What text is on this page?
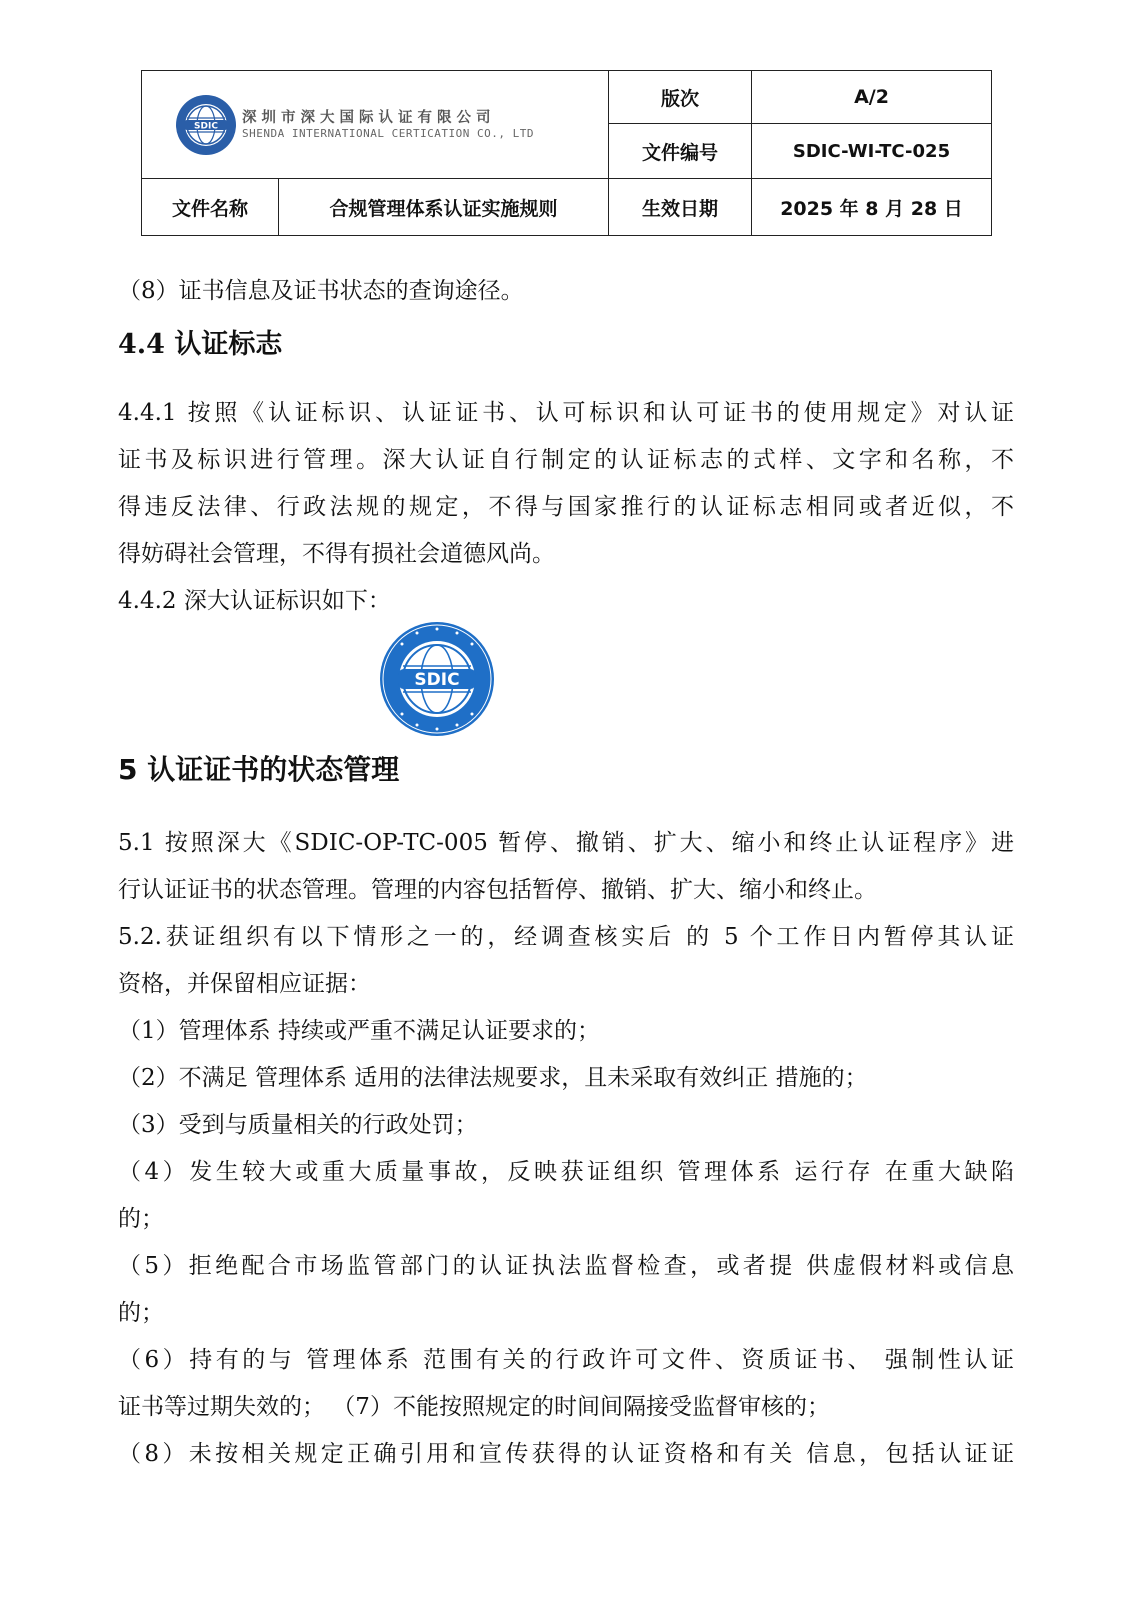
SDIC
深圳市深大国际认证有限公司
SHENDA INTERNATIONAL CERTICATION CO., LTD		版次	A/2
		文件编号	SDIC-WI-TC-025
文件名称	合规管理体系认证实施规则	生效日期	2025 年 8 月 28 日

（8）证书信息及证书状态的查询途径。

4.4 认证标志

4.4.1 按照《认证标识、认证证书、认可标识和认可证书的使用规定》对认证

证书及标识进行管理。深大认证自行制定的认证标志的式样、文字和名称，不

得违反法律、行政法规的规定，不得与国家推行的认证标志相同或者近似，不

得妨碍社会管理，不得有损社会道德风尚。

4.4.2 深大认证标识如下：

SDIC
5 认证证书的状态管理

5.1 按照深大《SDIC-OP-TC-005 暂停、撤销、扩大、缩小和终止认证程序》进

行认证证书的状态管理。管理的内容包括暂停、撤销、扩大、缩小和终止。

5.2.获证组织有以下情形之一的，经调查核实后 的 5 个工作日内暂停其认证

资格，并保留相应证据：

（1）管理体系 持续或严重不满足认证要求的；

（2）不满足 管理体系 适用的法律法规要求，且未采取有效纠正 措施的；

（3）受到与质量相关的行政处罚；

（4）发生较大或重大质量事故，反映获证组织 管理体系 运行存 在重大缺陷

的；

（5）拒绝配合市场监管部门的认证执法监督检查，或者提 供虚假材料或信息

的；

（6）持有的与 管理体系 范围有关的行政许可文件、资质证书、 强制性认证

证书等过期失效的； （7）不能按照规定的时间间隔接受监督审核的；

（8）未按相关规定正确引用和宣传获得的认证资格和有关 信息，包括认证证
